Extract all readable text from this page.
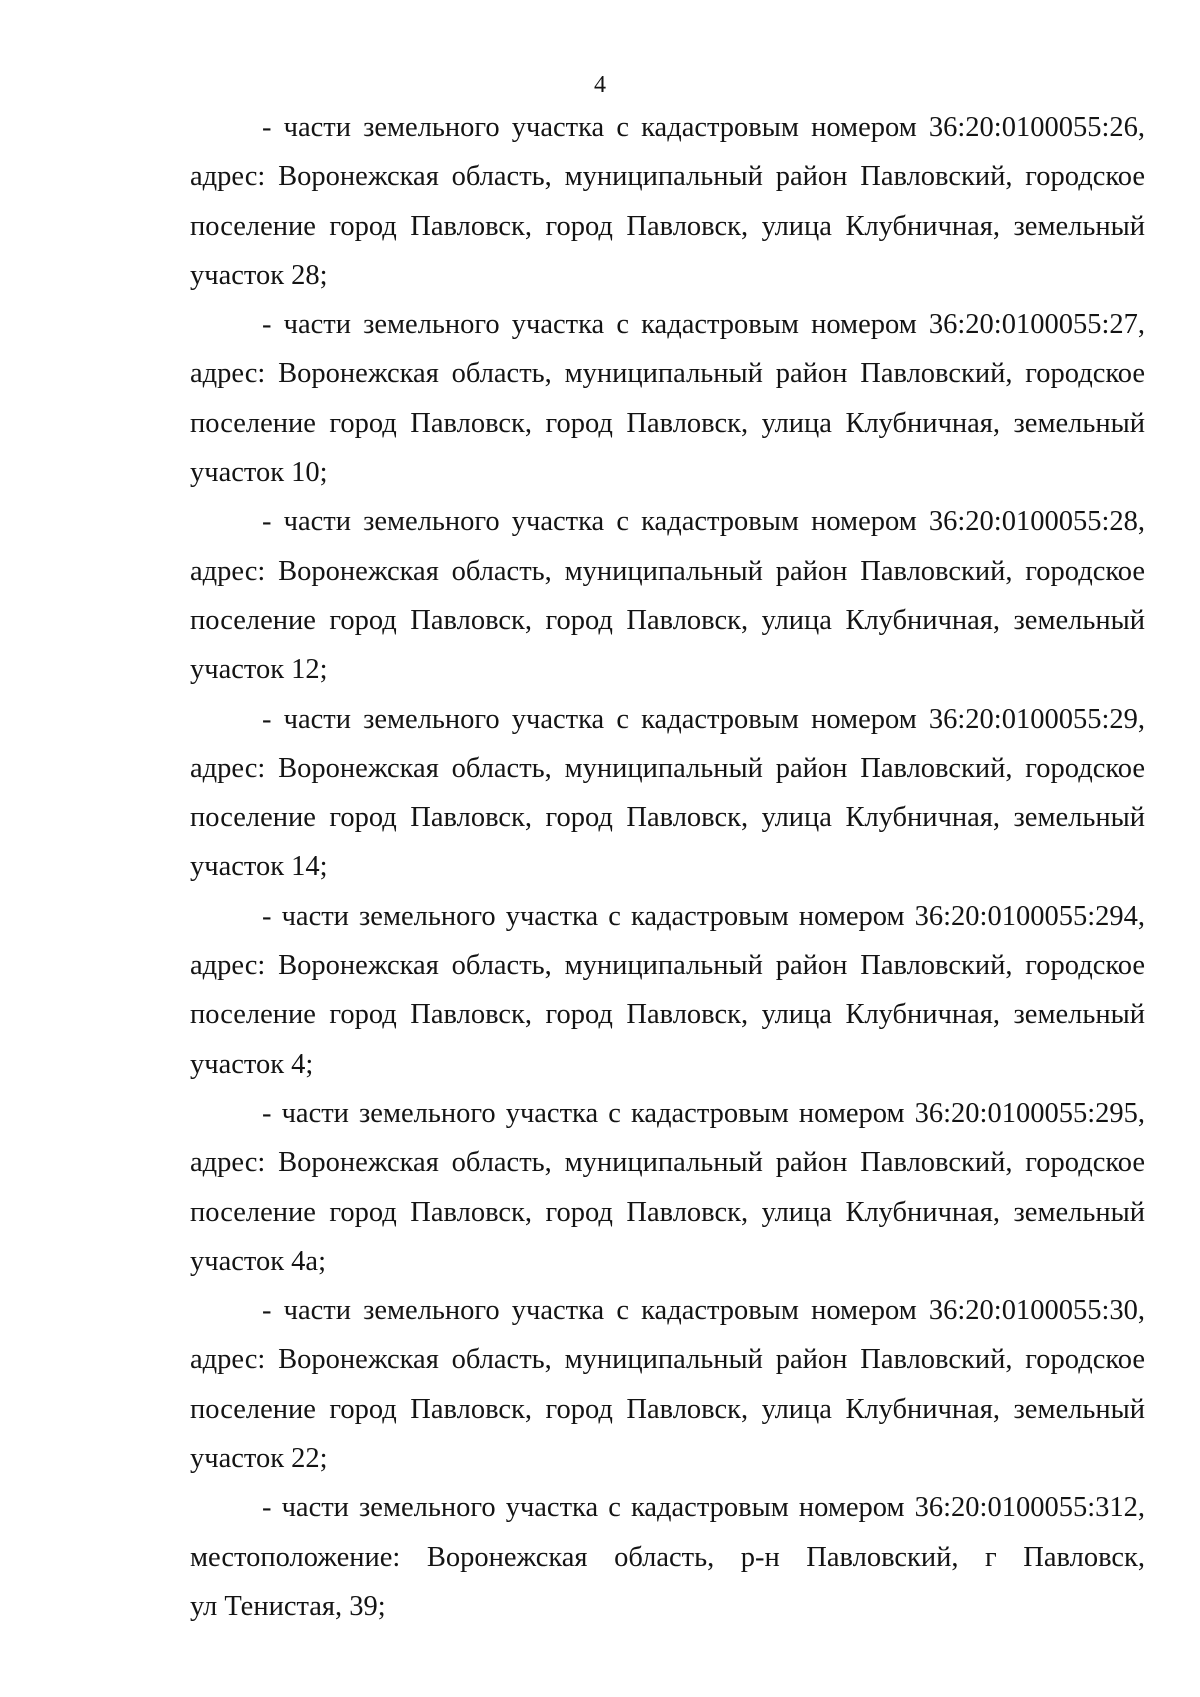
4
- части земельного участка с кадастровым номером 36:20:0100055:26,
адрес: Воронежская область, муниципальный район Павловский, городское
поселение город Павловск, город Павловск, улица Клубничная, земельный
участок 28;
- части земельного участка с кадастровым номером 36:20:0100055:27,
адрес: Воронежская область, муниципальный район Павловский, городское
поселение город Павловск, город Павловск, улица Клубничная, земельный
участок 10;
- части земельного участка с кадастровым номером 36:20:0100055:28,
адрес: Воронежская область, муниципальный район Павловский, городское
поселение город Павловск, город Павловск, улица Клубничная, земельный
участок 12;
- части земельного участка с кадастровым номером 36:20:0100055:29,
адрес: Воронежская область, муниципальный район Павловский, городское
поселение город Павловск, город Павловск, улица Клубничная, земельный
участок 14;
- части земельного участка с кадастровым номером 36:20:0100055:294,
адрес: Воронежская область, муниципальный район Павловский, городское
поселение город Павловск, город Павловск, улица Клубничная, земельный
участок 4;
- части земельного участка с кадастровым номером 36:20:0100055:295,
адрес: Воронежская область, муниципальный район Павловский, городское
поселение город Павловск, город Павловск, улица Клубничная, земельный
участок 4а;
- части земельного участка с кадастровым номером 36:20:0100055:30,
адрес: Воронежская область, муниципальный район Павловский, городское
поселение город Павловск, город Павловск, улица Клубничная, земельный
участок 22;
- части земельного участка с кадастровым номером 36:20:0100055:312,
местоположение: Воронежская область, р-н Павловский, г Павловск,
ул Тенистая, 39;
